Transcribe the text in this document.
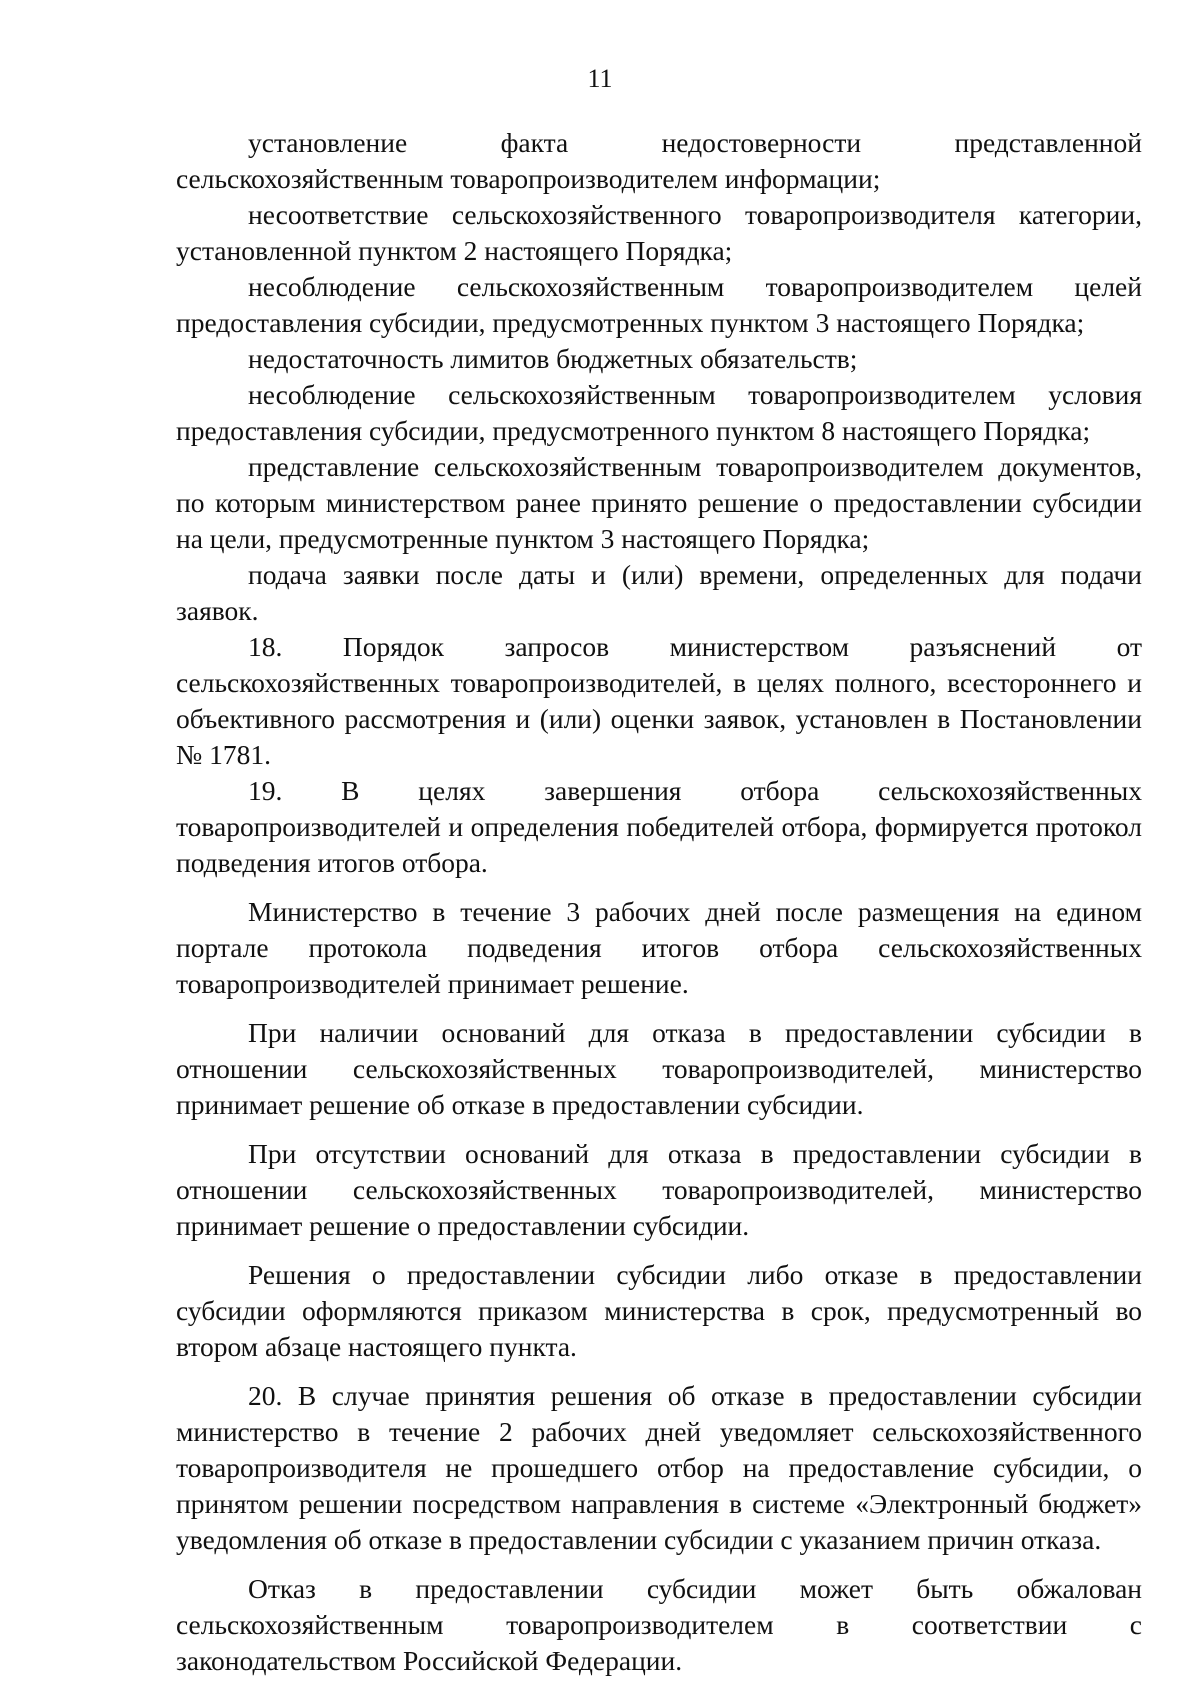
11

установление факта недостоверности представленной сельскохозяйственным товаропроизводителем информации;

несоответствие сельскохозяйственного товаропроизводителя категории, установленной пунктом 2 настоящего Порядка;

несоблюдение сельскохозяйственным товаропроизводителем целей предоставления субсидии, предусмотренных пунктом 3 настоящего Порядка;

недостаточность лимитов бюджетных обязательств;

несоблюдение сельскохозяйственным товаропроизводителем условия предоставления субсидии, предусмотренного пунктом 8 настоящего Порядка;

представление сельскохозяйственным товаропроизводителем документов, по которым министерством ранее принято решение о предоставлении субсидии на цели, предусмотренные пунктом 3 настоящего Порядка;

подача заявки после даты и (или) времени, определенных для подачи заявок.

18. Порядок запросов министерством разъяснений от сельскохозяйственных товаропроизводителей, в целях полного, всестороннего и объективного рассмотрения и (или) оценки заявок, установлен в Постановлении № 1781.

19. В целях завершения отбора сельскохозяйственных товаропроизводителей и определения победителей отбора, формируется протокол подведения итогов отбора.

Министерство в течение 3 рабочих дней после размещения на едином портале протокола подведения итогов отбора сельскохозяйственных товаропроизводителей принимает решение.

При наличии оснований для отказа в предоставлении субсидии в отношении сельскохозяйственных товаропроизводителей, министерство принимает решение об отказе в предоставлении субсидии.

При отсутствии оснований для отказа в предоставлении субсидии в отношении сельскохозяйственных товаропроизводителей, министерство принимает решение о предоставлении субсидии.

Решения о предоставлении субсидии либо отказе в предоставлении субсидии оформляются приказом министерства в срок, предусмотренный во втором абзаце настоящего пункта.

20. В случае принятия решения об отказе в предоставлении субсидии министерство в течение 2 рабочих дней уведомляет сельскохозяйственного товаропроизводителя не прошедшего отбор на предоставление субсидии, о принятом решении посредством направления в системе «Электронный бюджет» уведомления об отказе в предоставлении субсидии с указанием причин отказа.

Отказ в предоставлении субсидии может быть обжалован сельскохозяйственным товаропроизводителем в соответствии с законодательством Российской Федерации.
